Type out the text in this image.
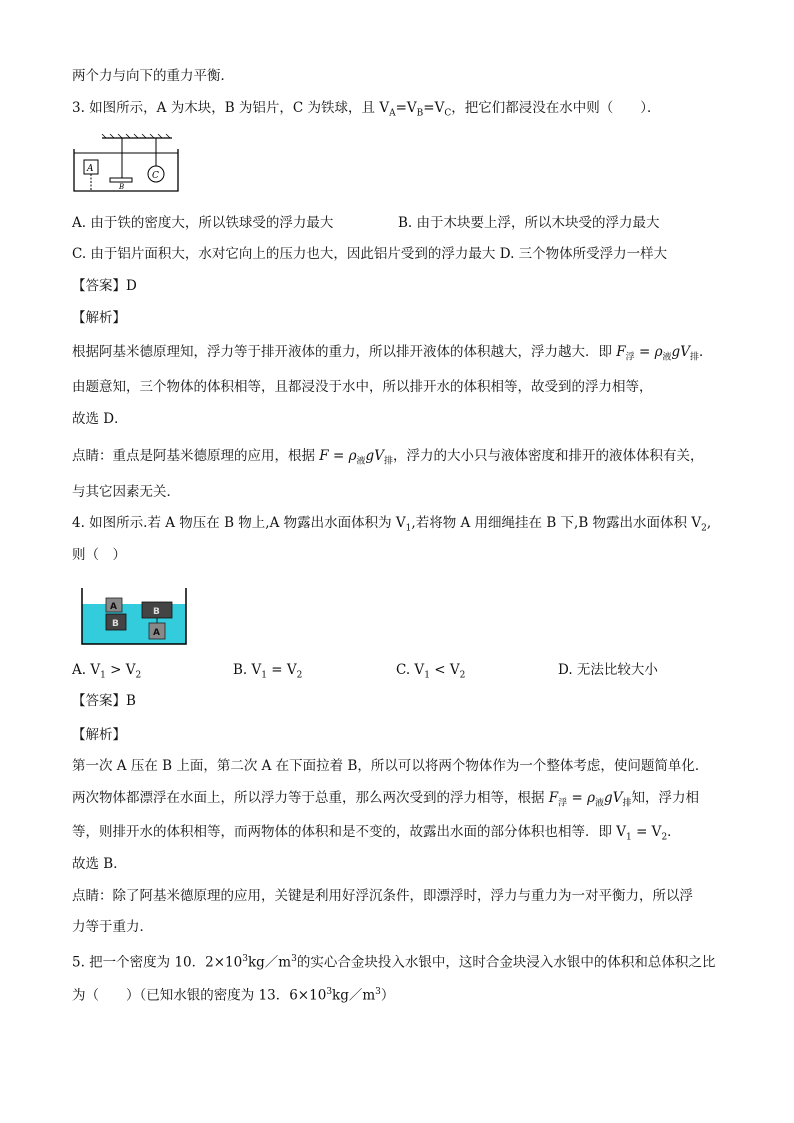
两个力与向下的重力平衡．
3. 如图所示，A 为木块，B 为铝片，C 为铁球，且 $V_A=V_B=V_C$，把它们都浸没在水中则（　　）．
A
B
C
A. 由于铁的密度大，所以铁球受的浮力最大	B. 由于木块要上浮，所以木块受的浮力最大
C. 由于铝片面积大，水对它向上的压力也大，因此铝片受到的浮力最大 D. 三个物体所受浮力一样大
【答案】D
【解析】
根据阿基米德原理知，浮力等于排开液体的重力，所以排开液体的体积越大，浮力越大．即 $F_浮 = \rho_液gV_排$．
由题意知，三个物体的体积相等，且都浸没于水中，所以排开水的体积相等，故受到的浮力相等，
故选 D．
点睛：重点是阿基米德原理的应用，根据 $F = \rho_液gV_排$，浮力的大小只与液体密度和排开的液体体积有关，
与其它因素无关．
4. 如图所示.若 A 物压在 B 物上,A 物露出水面体积为 $V_1$,若将物 A 用细绳挂在 B 下,B 物露出水面体积 $V_2$,
则（　）
A
B
B
A
A. $V_1 > V_2$	B. $V_1 = V_2$	C. $V_1 < V_2$	D. 无法比较大小
【答案】B
【解析】
第一次 A 压在 B 上面，第二次 A 在下面拉着 B，所以可以将两个物体作为一个整体考虑，使问题简单化．
两次物体都漂浮在水面上，所以浮力等于总重，那么两次受到的浮力相等，根据 $F_浮 = \rho_液gV_排$知，浮力相
等，则排开水的体积相等，而两物体的体积和是不变的，故露出水面的部分体积也相等．即 $V_1 = V_2$．
故选 B．
点睛：除了阿基米德原理的应用，关键是利用好浮沉条件，即漂浮时，浮力与重力为一对平衡力，所以浮
力等于重力．
5. 把一个密度为 10．$2\times 10^3kg/m^3$的实心合金块投入水银中，这时合金块浸入水银中的体积和总体积之比
为（　　）（已知水银的密度为 13．$6\times 10^3kg/m^3$）
